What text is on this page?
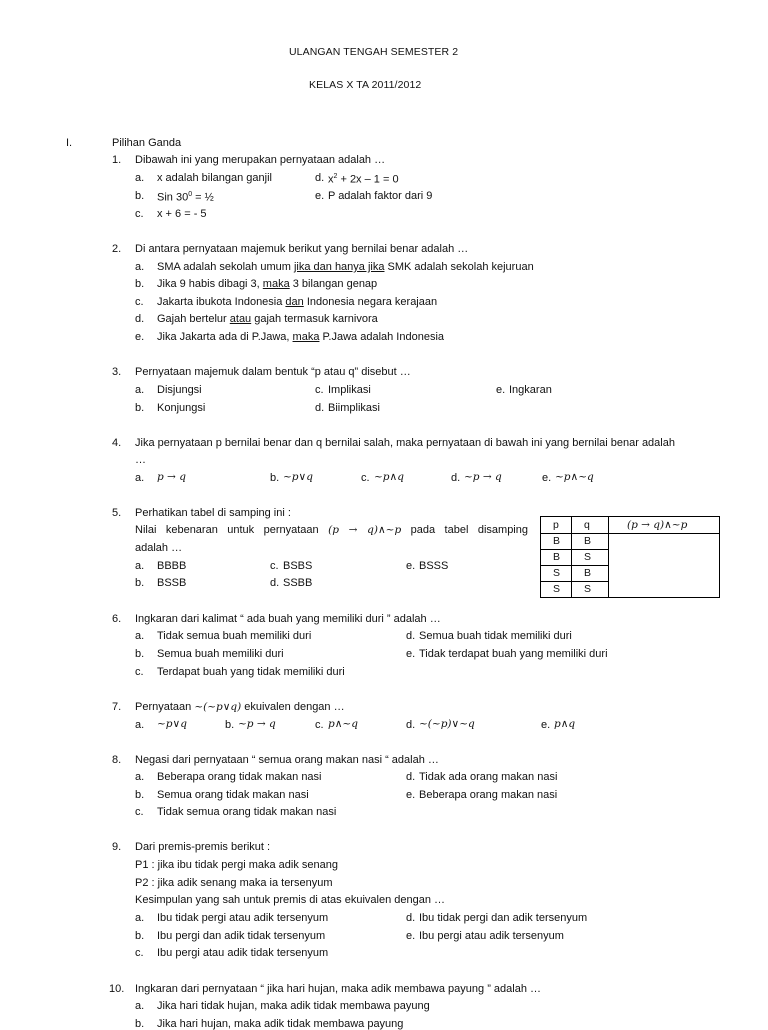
ULANGAN TENGAH SEMESTER 2
KELAS X TA 2011/2012
I.	Pilihan Ganda
1. Dibawah ini yang merupakan pernyataan adalah …
a. x adalah bilangan ganjil	d. $x^2 + 2x - 1 = 0$
b. Sin $30^0$ = ½	e. P adalah faktor dari 9
c. x + 6 = - 5
2. Di antara pernyataan majemuk berikut yang bernilai benar adalah …
a. SMA adalah sekolah umum jika dan hanya jika SMK adalah sekolah kejuruan
b. Jika 9 habis dibagi 3, maka 3 bilangan genap
c. Jakarta ibukota Indonesia dan Indonesia negara kerajaan
d. Gajah bertelur atau gajah termasuk karnivora
e. Jika Jakarta ada di P.Jawa, maka P.Jawa adalah Indonesia
3. Pernyataan majemuk dalam bentuk “p atau q” disebut …
a. Disjungsi	c. Implikasi	e. Ingkaran
b. Konjungsi	d. Biimplikasi
4. Jika pernyataan p bernilai benar dan q bernilai salah, maka pernyataan di bawah ini yang bernilai benar adalah
…
a. p → q	b. ~p∨q	c. ~p∧q	d. ~p → q	e. ~p∧~q
5. Perhatikan tabel di samping ini :
Nilai kebenaran untuk pernyataan (p → q)∧~p pada tabel disamping
adalah …
a. BBBB	c. BSBS	e. BSSS
b. BSSB	d. SSBB
p	q	(p → q)∧~p
B	B	
B	S	
S	B	
S	S	
6. Ingkaran dari kalimat “ ada buah yang memiliki duri ” adalah …
a. Tidak semua buah memiliki duri	d. Semua buah tidak memiliki duri
b. Semua buah memiliki duri	e. Tidak terdapat buah yang memiliki duri
c. Terdapat buah yang tidak memiliki duri
7. Pernyataan ~(~p∨q) ekuivalen dengan …
a. ~p∨q	b. ~p → q	c. p∧~q	d. ~(~p)∨~q	e. p∧q
8. Negasi dari pernyataan “ semua orang makan nasi “ adalah …
a. Beberapa orang tidak makan nasi	d. Tidak ada orang makan nasi
b. Semua orang tidak makan nasi	e. Beberapa orang makan nasi
c. Tidak semua orang tidak makan nasi
9. Dari premis-premis berikut :
P1 : jika ibu tidak pergi maka adik senang
P2 : jika adik senang maka ia tersenyum
Kesimpulan yang sah untuk premis di atas ekuivalen dengan …
a. Ibu tidak pergi atau adik tersenyum	d. Ibu tidak pergi dan adik tersenyum
b. Ibu pergi dan adik tidak tersenyum	e. Ibu pergi atau adik tersenyum
c. Ibu pergi atau adik tidak tersenyum
10. Ingkaran dari pernyataan “ jika hari hujan, maka adik membawa payung ” adalah …
a. Jika hari tidak hujan, maka adik tidak membawa payung
b. Jika hari hujan, maka adik tidak membawa payung
